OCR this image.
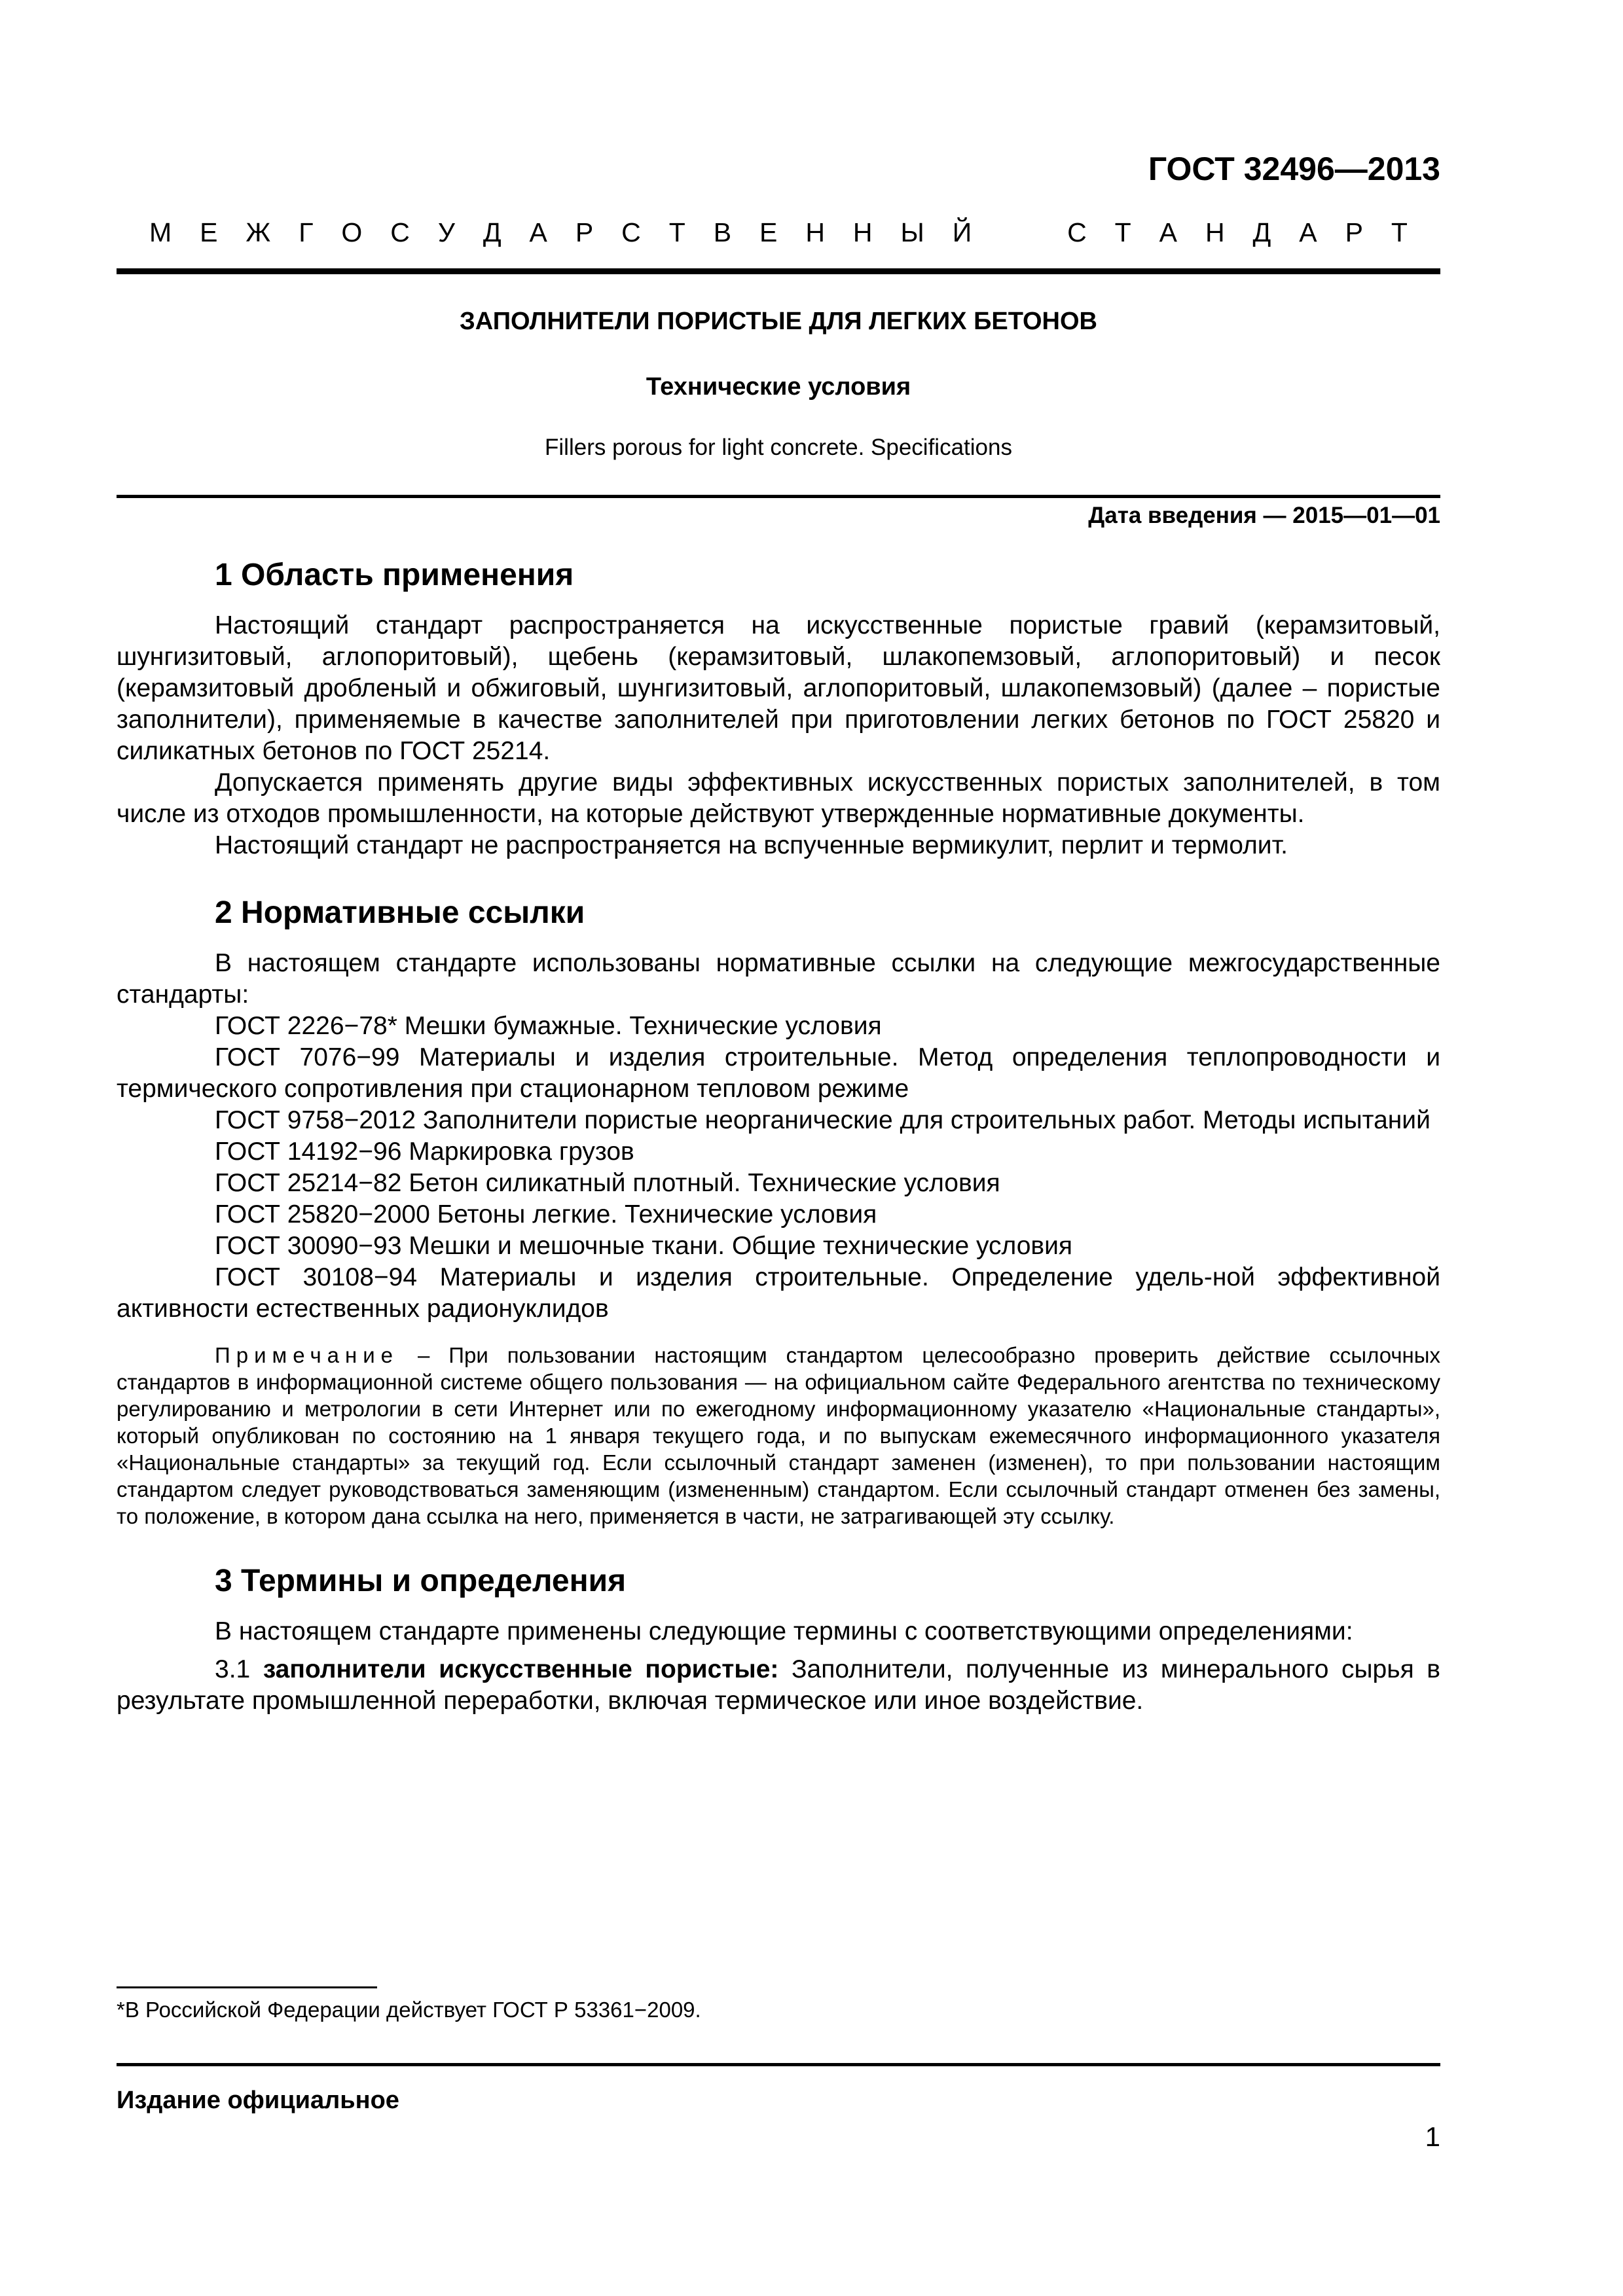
ГОСТ 32496—2013

М Е Ж Г О С У Д А Р С Т В Е Н Н Ы Й	С Т А Н Д А Р Т

ЗАПОЛНИТЕЛИ ПОРИСТЫЕ ДЛЯ ЛЕГКИХ БЕТОНОВ

Технические условия

Fillers porous for light concrete. Specifications

Дата введения — 2015—01—01

1 Область применения

Настоящий стандарт распространяется на искусственные пористые гравий (керамзитовый, шунгизитовый, аглопоритовый), щебень (керамзитовый, шлакопемзовый, аглопоритовый) и песок (керамзитовый дробленый и обжиговый, шунгизитовый, аглопоритовый, шлакопемзовый) (далее – пористые заполнители), применяемые в качестве заполнителей при приготовлении легких бетонов по ГОСТ 25820 и силикатных бетонов по ГОСТ 25214.

Допускается применять другие виды эффективных искусственных пористых заполнителей, в том числе из отходов промышленности, на которые действуют утвержденные нормативные документы.

Настоящий стандарт не распространяется на вспученные вермикулит, перлит и термолит.

2 Нормативные ссылки

В настоящем стандарте использованы нормативные ссылки на следующие межгосударственные стандарты:

ГОСТ 2226−78* Мешки бумажные. Технические условия

ГОСТ 7076−99 Материалы и изделия строительные. Метод определения теплопроводности и термического сопротивления при стационарном тепловом режиме

ГОСТ 9758−2012 Заполнители пористые неорганические для строительных работ. Методы испытаний

ГОСТ 14192−96 Маркировка грузов

ГОСТ 25214−82 Бетон силикатный плотный. Технические условия

ГОСТ 25820−2000 Бетоны легкие. Технические условия

ГОСТ 30090−93 Мешки и мешочные ткани. Общие технические условия

ГОСТ 30108−94 Материалы и изделия строительные. Определение удель-ной эффективной активности естественных радионуклидов

Примечание – При пользовании настоящим стандартом целесообразно проверить действие ссылочных стандартов в информационной системе общего пользования — на официальном сайте Федерального агентства по техническому регулированию и метрологии в сети Интернет или по ежегодному информационному указателю «Национальные стандарты», который опубликован по состоянию на 1 января текущего года, и по выпускам ежемесячного информационного указателя «Национальные стандарты» за текущий год. Если ссылочный стандарт заменен (изменен), то при пользовании настоящим стандартом следует руководствоваться заменяющим (измененным) стандартом. Если ссылочный стандарт отменен без замены, то положение, в котором дана ссылка на него, применяется в части, не затрагивающей эту ссылку.

3 Термины и определения

В настоящем стандарте применены следующие термины с соответствующими определениями:

3.1 заполнители искусственные пористые: Заполнители, полученные из минерального сырья в результате промышленной переработки, включая термическое или иное воздействие.

*В Российской Федерации действует ГОСТ Р 53361−2009.

Издание официальное

1
